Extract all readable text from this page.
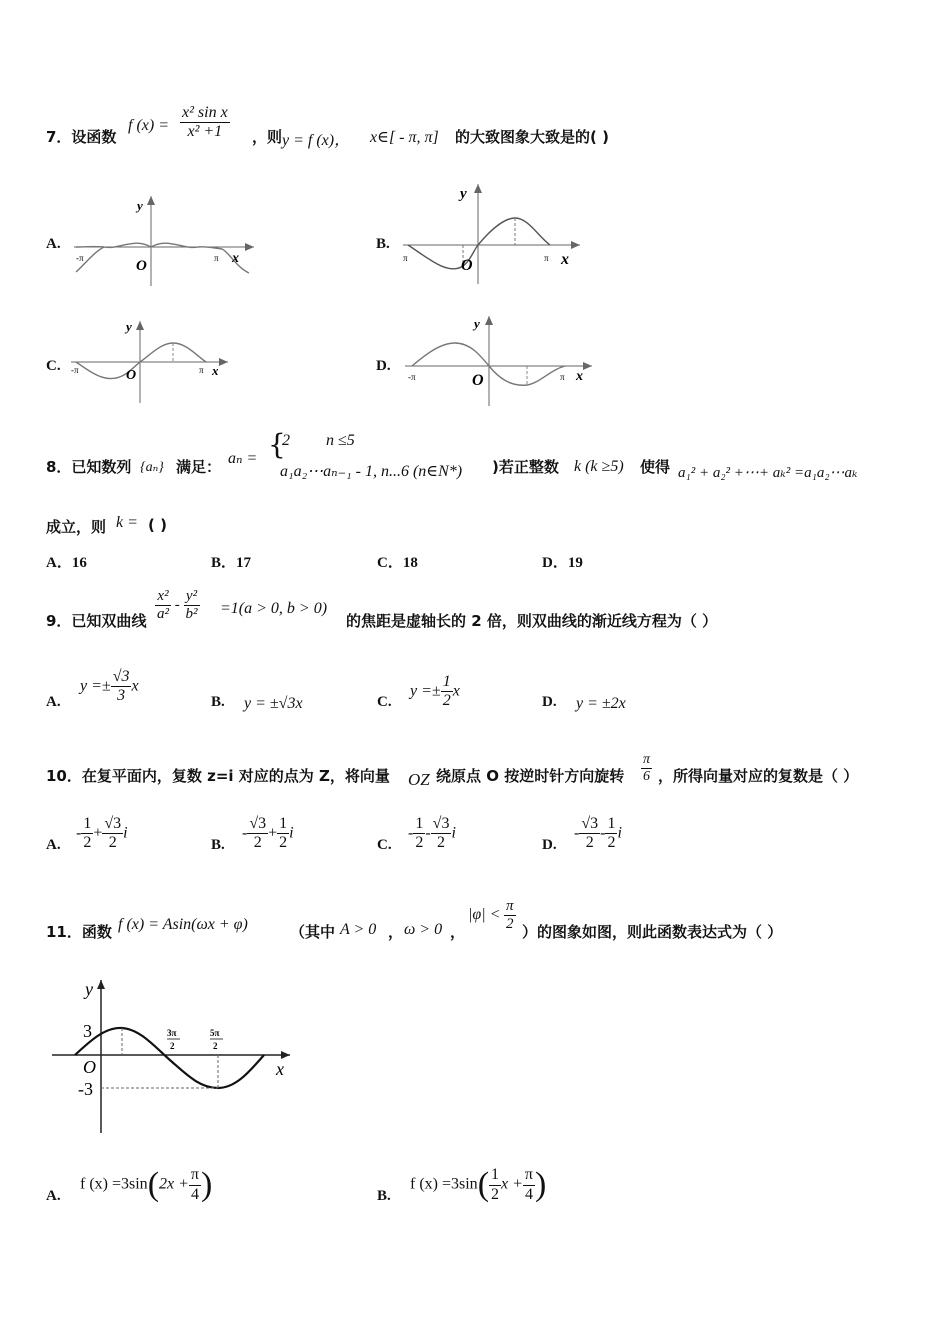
7．设函数
f $(x) = \frac{\text{x² sin x}}{\text{x² +1}}$ ，则 y = f (x)， x∈[ - π, π] 的大致图象大致是的( )
A.
y
x
O
-π	π
B.
y
x
O
π	π
C.
y
x
O
-π	π	D.
y
x
O
-π	π
8．已知数列 {aₙ} 满足： aₙ = {
2         n ≤5
a₁a₂⋯aₙ₋₁ - 1, n...6 (n∈N*) )若正整数 k (k ≥5) 使得 a₁² + a₂² +⋯+ aₖ² =a₁a₂⋯aₖ
成立，则 k = ( )
A．16	B．17	C．18	D．19
9．已知双曲线 $\frac{\text{x²}}{\text{a²}} - \frac{\text{y²}}{\text{b²}} =1(a > 0$, b > 0)
的焦距是虚轴长的 2 倍，则双曲线的渐近线方程为（ ）
A.
$y =\pm \frac{√3}{3}$ x
B. y = ±√3x	C.
$y =\pm \frac{1}{2}$ x
D. y = ±2x
10．在复平面内，复数 z=i 对应的点为 Z，将向量 OZ 绕原点 O 按逆时针方向旋转 $\frac{\pi}{6}$ ，所得向量对应的复数是（ ）
A.
- $\frac{1}{2} + \frac{√3}{2}$ i
B.
- $\frac{√3}{2} + \frac{1}{2}$ i
C.
- $\frac{1}{2} - \frac{√3}{2}$ i
D.
- $\frac{√3}{2} - \frac{1}{2}$ i
11．函数 f (x) = Asin(ωx + φ)	（其中 A > 0 ， ω > 0 ，
$|\varphi| < \frac{\pi}{2}$ ）的图象如图，则此函数表达式为（ ）
y
x
O
3
-3
3π
2
5π
2
A.
f $(x) =3\sin(2x + \frac{\pi}{4}$ )	B.
f $(x) =3\sin( \frac{1}{2}$ $x + \frac{\pi}{4}$ )
